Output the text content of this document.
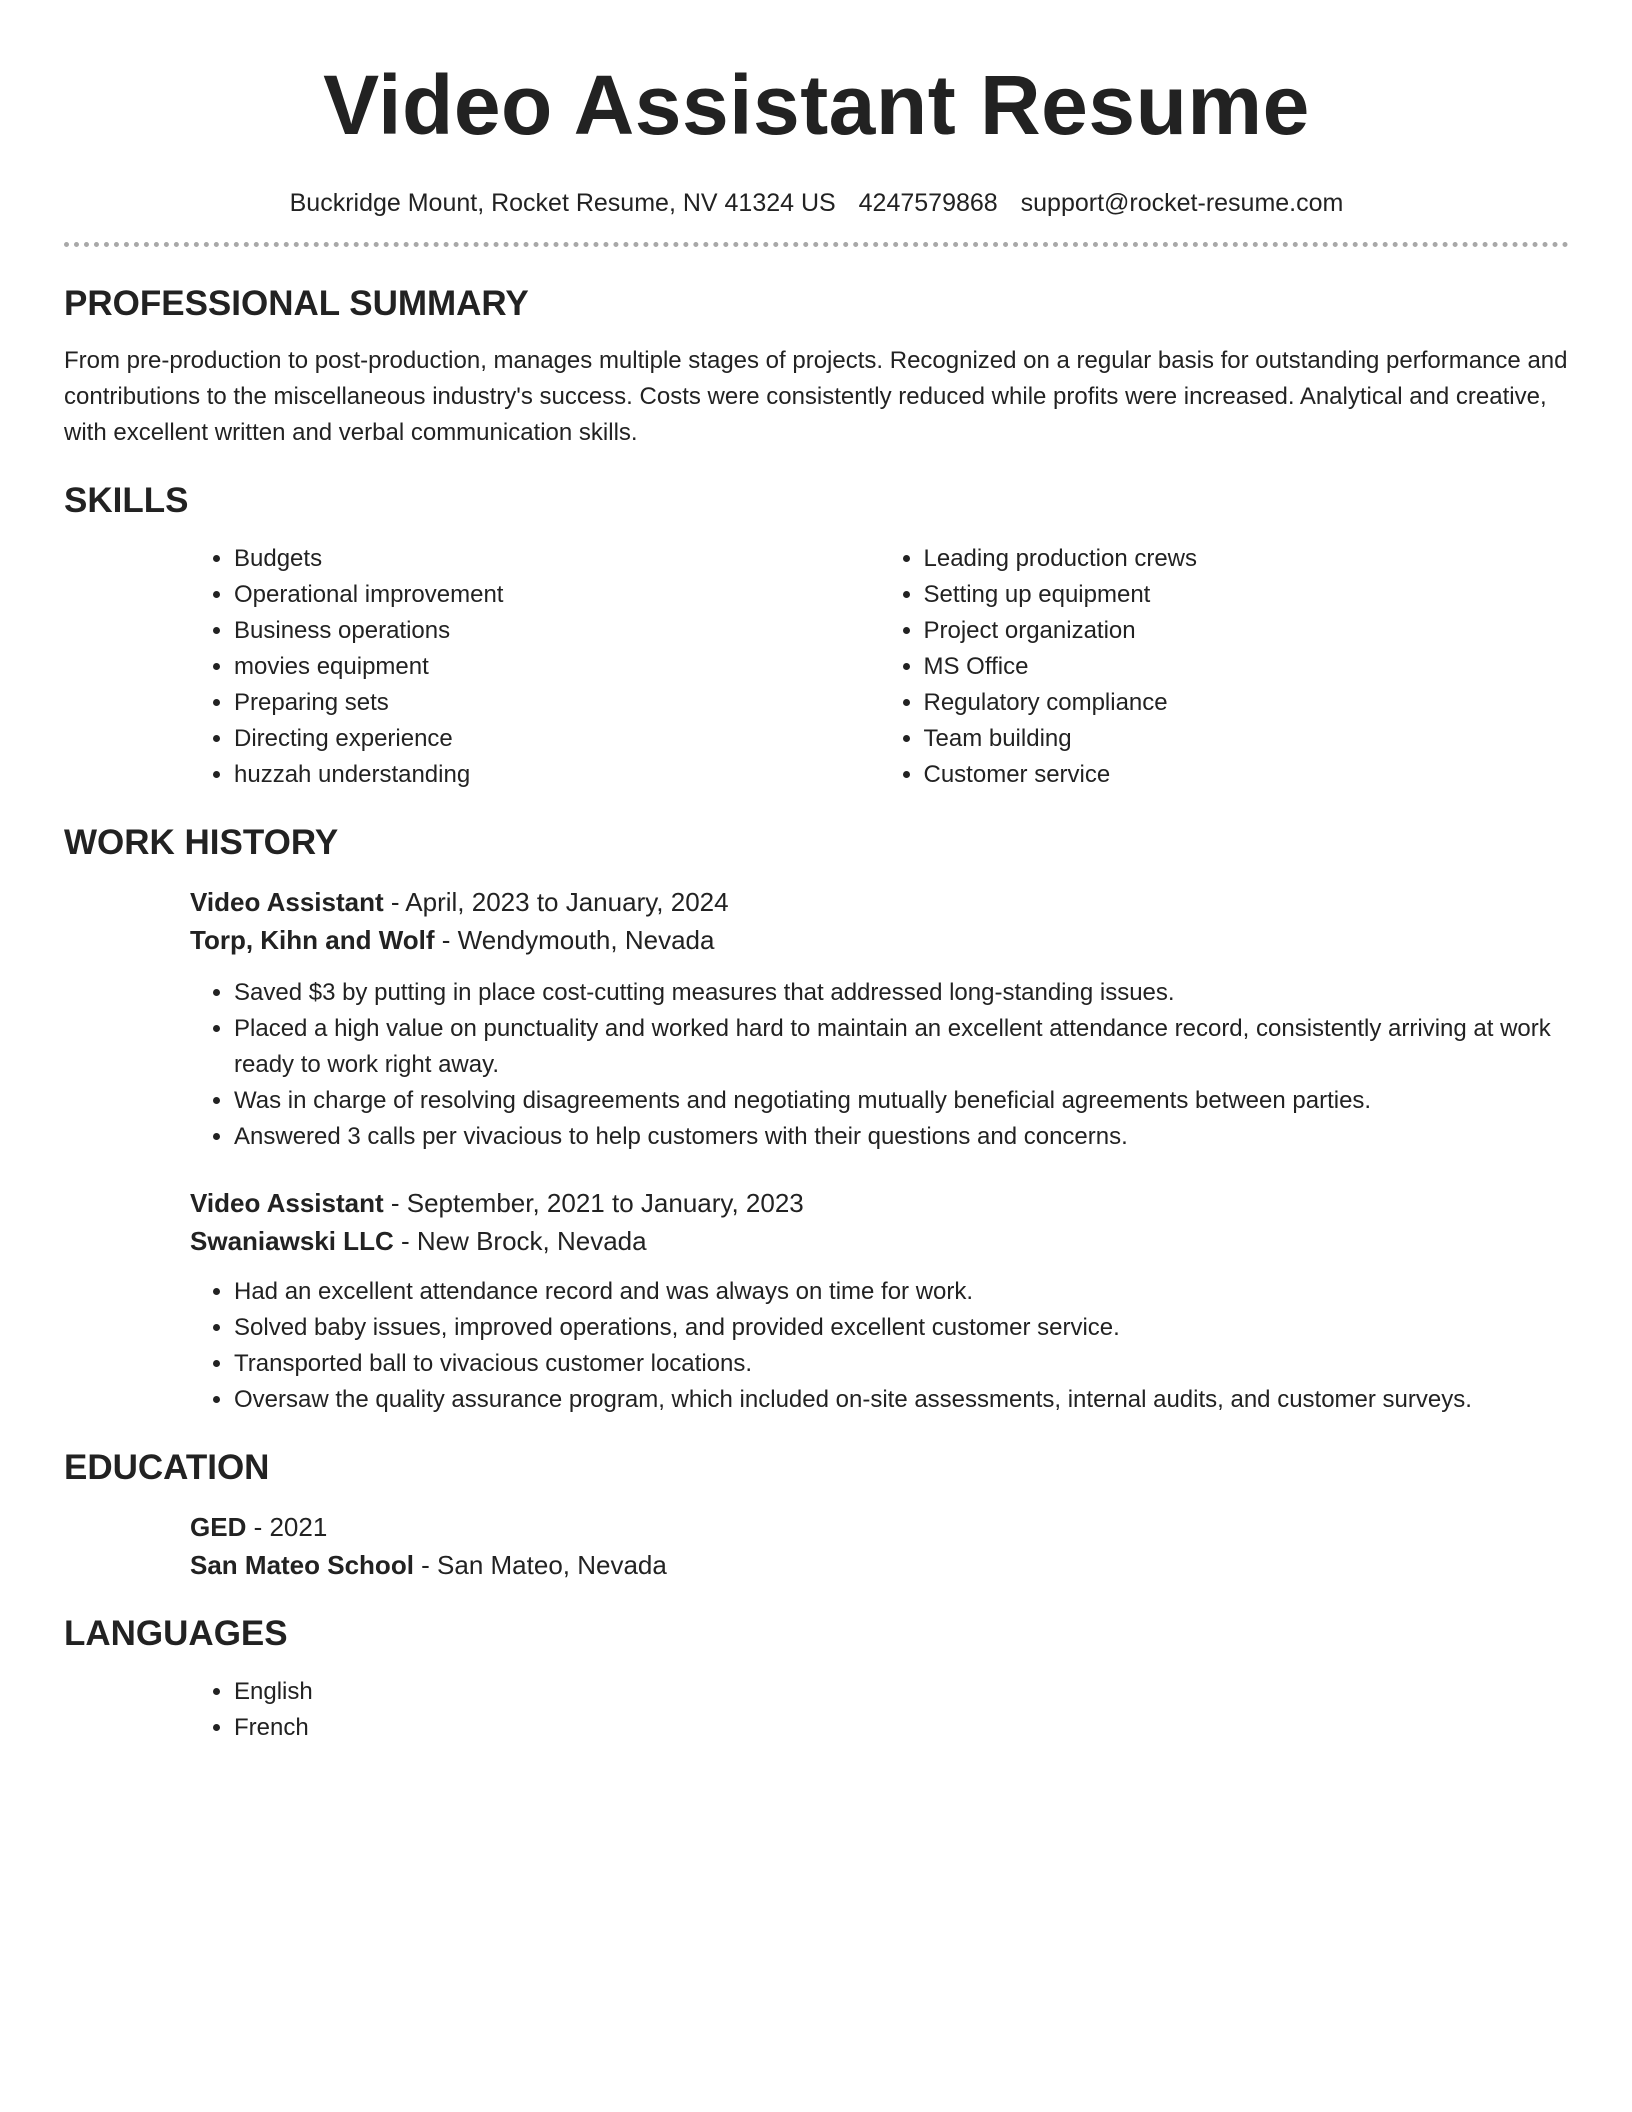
Video Assistant Resume
Buckridge Mount, Rocket Resume, NV 41324 US 4247579868 support@rocket-resume.com
PROFESSIONAL SUMMARY

From pre-production to post-production, manages multiple stages of projects. Recognized on a regular basis for outstanding performance and contributions to the miscellaneous industry's success. Costs were consistently reduced while profits were increased. Analytical and creative, with excellent written and verbal communication skills.

SKILLS
• Budgets
• Operational improvement
• Business operations
• movies equipment
• Preparing sets
• Directing experience
• huzzah understanding
• Leading production crews
• Setting up equipment
• Project organization
• MS Office
• Regulatory compliance
• Team building
• Customer service
WORK HISTORY
Video Assistant - April, 2023 to January, 2024
Torp, Kihn and Wolf - Wendymouth, Nevada
• Saved $3 by putting in place cost-cutting measures that addressed long-standing issues.
• Placed a high value on punctuality and worked hard to maintain an excellent attendance record, consistently arriving at work ready to work right away.
• Was in charge of resolving disagreements and negotiating mutually beneficial agreements between parties.
• Answered 3 calls per vivacious to help customers with their questions and concerns.
Video Assistant - September, 2021 to January, 2023
Swaniawski LLC - New Brock, Nevada
• Had an excellent attendance record and was always on time for work.
• Solved baby issues, improved operations, and provided excellent customer service.
• Transported ball to vivacious customer locations.
• Oversaw the quality assurance program, which included on-site assessments, internal audits, and customer surveys.
EDUCATION
GED - 2021
San Mateo School - San Mateo, Nevada
LANGUAGES
• English
• French
